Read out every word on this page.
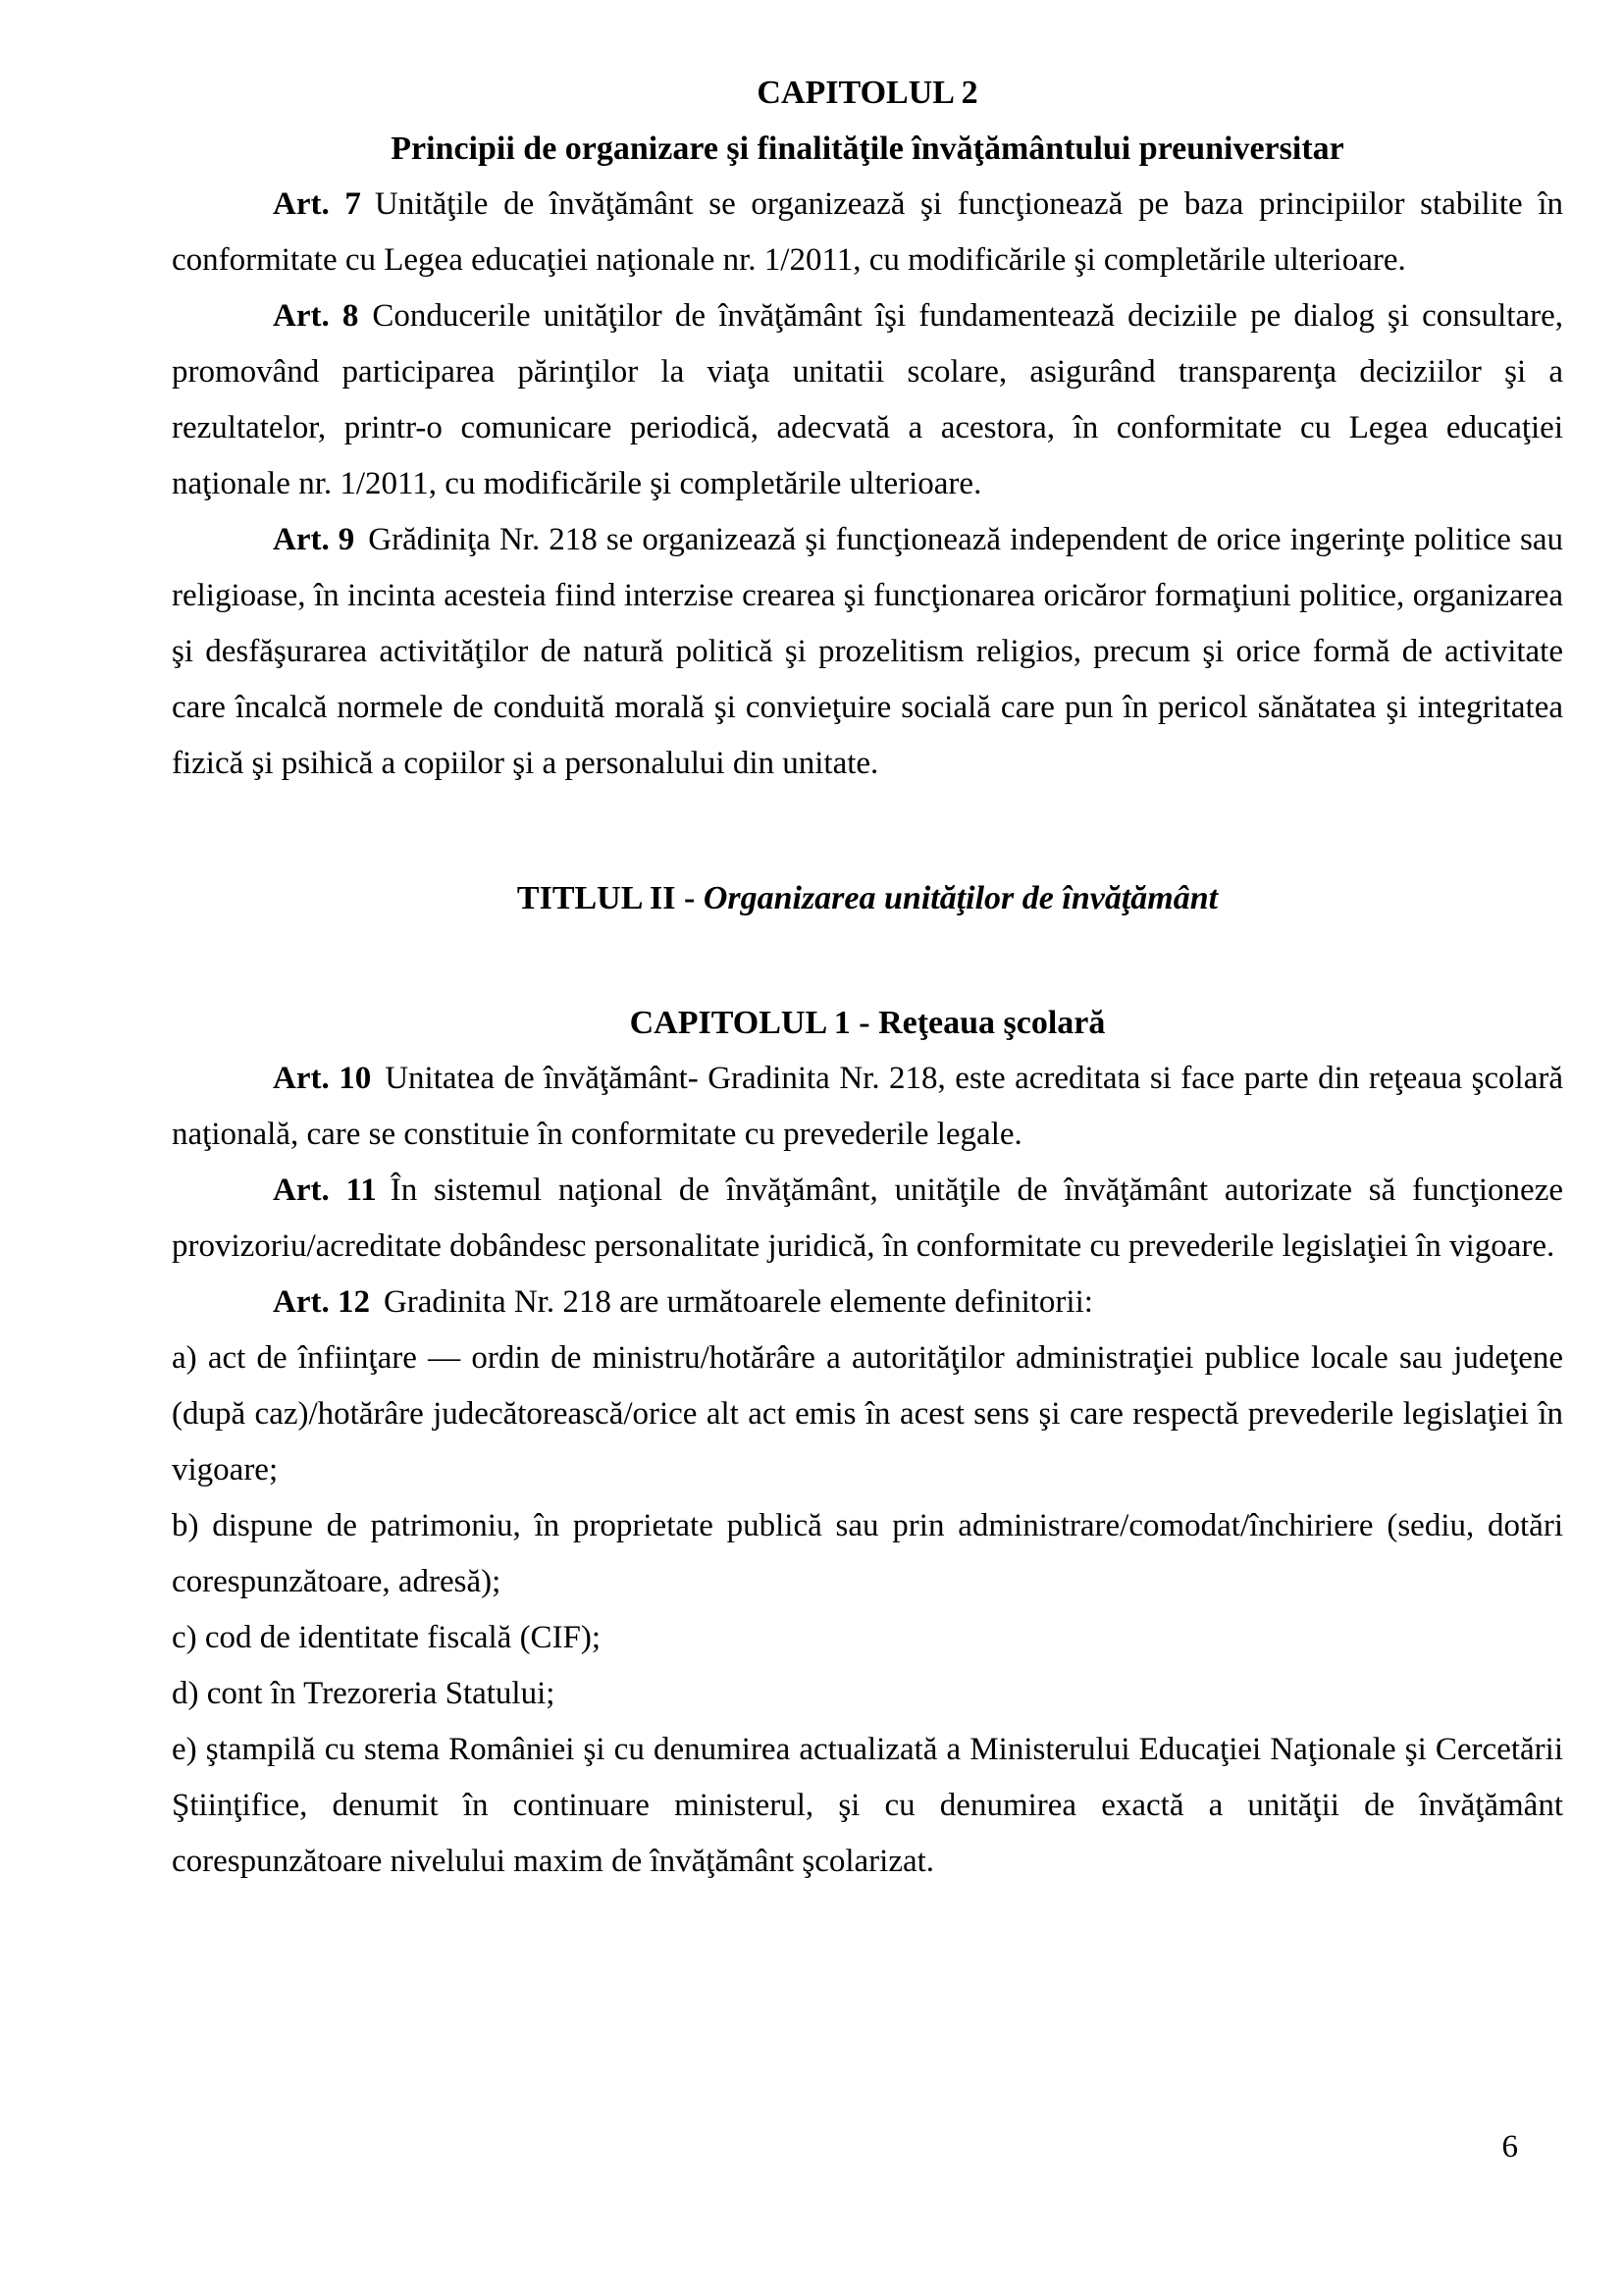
CAPITOLUL 2

Principii de organizare şi finalităţile învăţământului preuniversitar

Art. 7 Unităţile de învăţământ se organizează şi funcţionează pe baza principiilor stabilite în conformitate cu Legea educaţiei naţionale nr. 1/2011, cu modificările şi completările ulterioare.

Art. 8 Conducerile unităţilor de învăţământ îşi fundamentează deciziile pe dialog şi consultare, promovând participarea părinţilor la viaţa unitatii scolare, asigurând transparenţa deciziilor şi a rezultatelor, printr-o comunicare periodică, adecvată a acestora, în conformitate cu Legea educaţiei naţionale nr. 1/2011, cu modificările şi completările ulterioare.

Art. 9 Grădiniţa Nr. 218 se organizează şi funcţionează independent de orice ingerinţe politice sau religioase, în incinta acesteia fiind interzise crearea şi funcţionarea oricăror formaţiuni politice, organizarea şi desfăşurarea activităţilor de natură politică şi prozelitism religios, precum şi orice formă de activitate care încalcă normele de conduită morală şi convieţuire socială care pun în pericol sănătatea şi integritatea fizică şi psihică a copiilor şi a personalului din unitate.

TITLUL II - Organizarea unităţilor de învăţământ

CAPITOLUL 1 - Reţeaua şcolară

Art. 10 Unitatea de învăţământ- Gradinita Nr. 218, este acreditata si face parte din reţeaua şcolară naţională, care se constituie în conformitate cu prevederile legale.

Art. 11 În sistemul naţional de învăţământ, unităţile de învăţământ autorizate să funcţioneze provizoriu/acreditate dobândesc personalitate juridică, în conformitate cu prevederile legislaţiei în vigoare.

Art. 12 Gradinita Nr. 218 are următoarele elemente definitorii:

a) act de înfiinţare — ordin de ministru/hotărâre a autorităţilor administraţiei publice locale sau judeţene (după caz)/hotărâre judecătorească/orice alt act emis în acest sens şi care respectă prevederile legislaţiei în vigoare;

b) dispune de patrimoniu, în proprietate publică sau prin administrare/comodat/închiriere (sediu, dotări corespunzătoare, adresă);

c) cod de identitate fiscală (CIF);

d) cont în Trezoreria Statului;

e) ştampilă cu stema României şi cu denumirea actualizată a Ministerului Educaţiei Naţionale şi Cercetării Ştiinţifice, denumit în continuare ministerul, şi cu denumirea exactă a unităţii de învăţământ corespunzătoare nivelului maxim de învăţământ şcolarizat.

6
